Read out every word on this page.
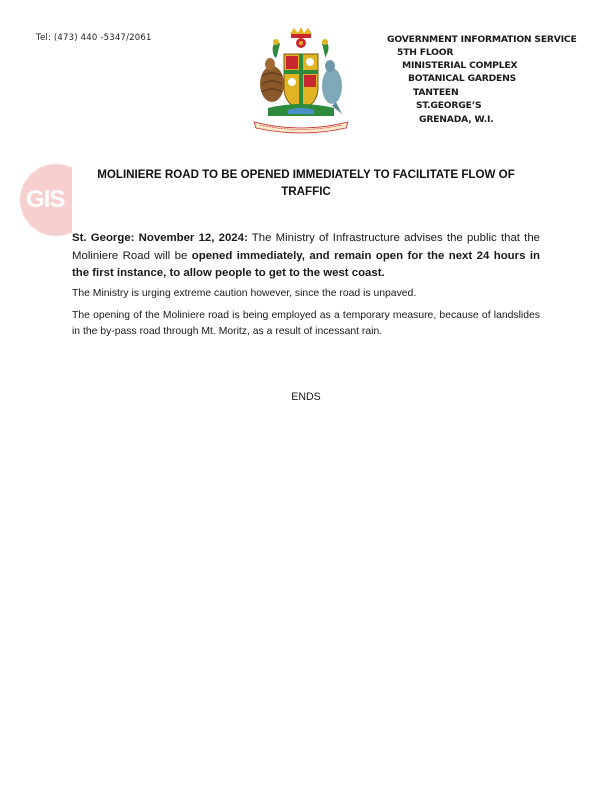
Tel: (473) 440 -5347/2061	GOVERNMENT INFORMATION SERVICE
5TH FLOOR
MINISTERIAL COMPLEX
BOTANICAL GARDENS
TANTEEN
ST.GEORGE’S
GRENADA, W.I.
GIS
MOLINIERE ROAD TO BE OPENED IMMEDIATELY TO FACILITATE FLOW OF TRAFFIC
St. George: November 12, 2024: The Ministry of Infrastructure advises the public that the Moliniere Road will be opened immediately, and remain open for the next 24 hours in the first instance, to allow people to get to the west coast.
The Ministry is urging extreme caution however, since the road is unpaved.
The opening of the Moliniere road is being employed as a temporary measure, because of landslides in the by-pass road through Mt. Moritz, as a result of incessant rain.
ENDS
